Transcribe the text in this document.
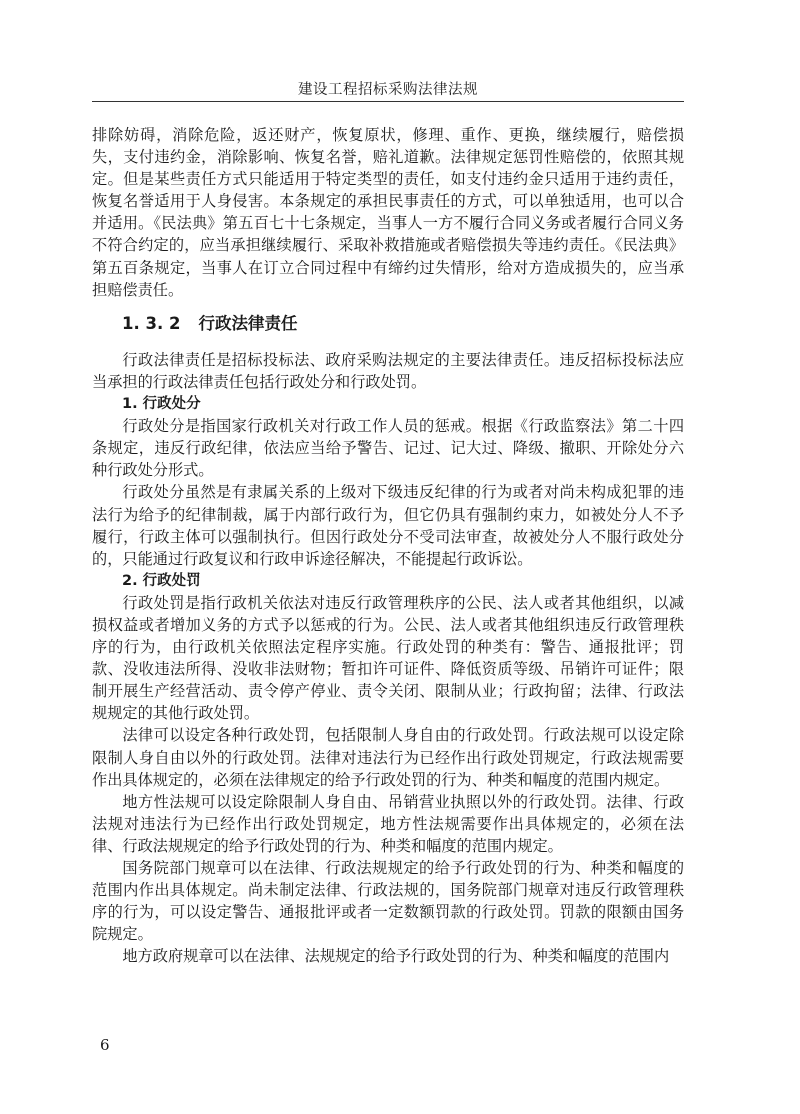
建设工程招标采购法律法规

排除妨碍，消除危险，返还财产，恢复原状，修理、重作、更换，继续履行，赔偿损失，支付违约金，消除影响、恢复名誉，赔礼道歉。法律规定惩罚性赔偿的，依照其规定。但是某些责任方式只能适用于特定类型的责任，如支付违约金只适用于违约责任，恢复名誉适用于人身侵害。本条规定的承担民事责任的方式，可以单独适用，也可以合并适用。《民法典》第五百七十七条规定，当事人一方不履行合同义务或者履行合同义务不符合约定的，应当承担继续履行、采取补救措施或者赔偿损失等违约责任。《民法典》第五百条规定，当事人在订立合同过程中有缔约过失情形，给对方造成损失的，应当承担赔偿责任。

1. 3. 2 行政法律责任

行政法律责任是招标投标法、政府采购法规定的主要法律责任。违反招标投标法应当承担的行政法律责任包括行政处分和行政处罚。

1. 行政处分

行政处分是指国家行政机关对行政工作人员的惩戒。根据《行政监察法》第二十四条规定，违反行政纪律，依法应当给予警告、记过、记大过、降级、撤职、开除处分六种行政处分形式。

行政处分虽然是有隶属关系的上级对下级违反纪律的行为或者对尚未构成犯罪的违法行为给予的纪律制裁，属于内部行政行为，但它仍具有强制约束力，如被处分人不予履行，行政主体可以强制执行。但因行政处分不受司法审查，故被处分人不服行政处分的，只能通过行政复议和行政申诉途径解决，不能提起行政诉讼。

2. 行政处罚

行政处罚是指行政机关依法对违反行政管理秩序的公民、法人或者其他组织，以减损权益或者增加义务的方式予以惩戒的行为。公民、法人或者其他组织违反行政管理秩序的行为，由行政机关依照法定程序实施。行政处罚的种类有：警告、通报批评；罚款、没收违法所得、没收非法财物；暂扣许可证件、降低资质等级、吊销许可证件；限制开展生产经营活动、责令停产停业、责令关闭、限制从业；行政拘留；法律、行政法规规定的其他行政处罚。

法律可以设定各种行政处罚，包括限制人身自由的行政处罚。行政法规可以设定除限制人身自由以外的行政处罚。法律对违法行为已经作出行政处罚规定，行政法规需要作出具体规定的，必须在法律规定的给予行政处罚的行为、种类和幅度的范围内规定。

地方性法规可以设定除限制人身自由、吊销营业执照以外的行政处罚。法律、行政法规对违法行为已经作出行政处罚规定，地方性法规需要作出具体规定的，必须在法律、行政法规规定的给予行政处罚的行为、种类和幅度的范围内规定。

国务院部门规章可以在法律、行政法规规定的给予行政处罚的行为、种类和幅度的范围内作出具体规定。尚未制定法律、行政法规的，国务院部门规章对违反行政管理秩序的行为，可以设定警告、通报批评或者一定数额罚款的行政处罚。罚款的限额由国务院规定。

地方政府规章可以在法律、法规规定的给予行政处罚的行为、种类和幅度的范围内

6
